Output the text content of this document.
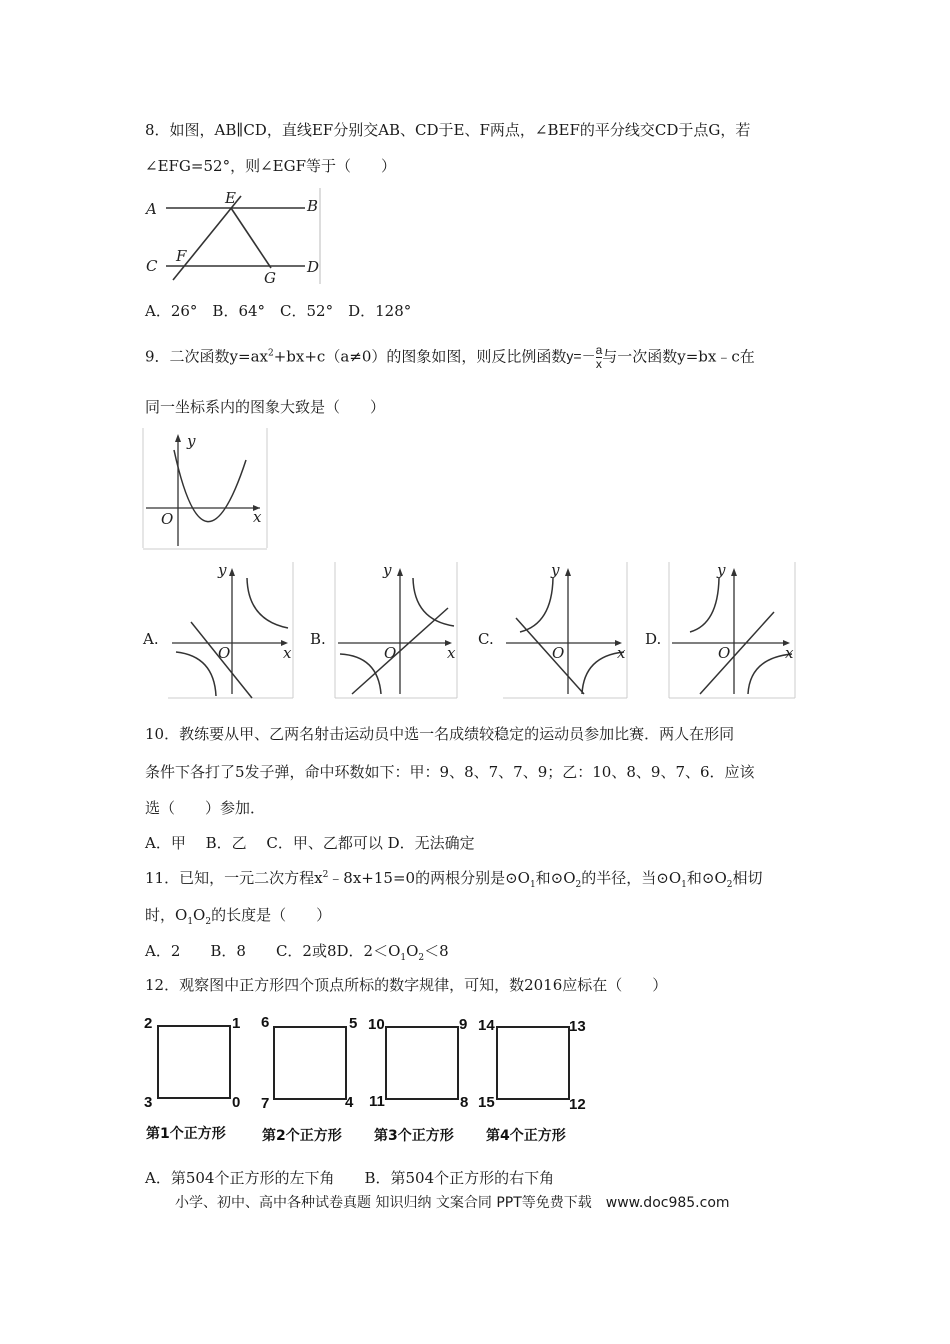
8．如图，AB∥CD，直线EF分别交AB、CD于E、F两点，∠BEF的平分线交CD于点G，若
∠EFG=52°，则∠EGF等于（　　）
A	B
C	D
E
F
G
A．26°　B．64°　C．52°　D．128°
9．二次函数$y=ax^2+bx+c(a\ne 0)$的图象如图，则反比例函数$y=- \frac{a}{x}$ 与一次函数y=bx﹣c在
同一坐标系内的图象大致是（　　）
y
x
O
A.
y
x
O
B.
y
x
O
C.
y
x
O
D.
y
x
O
10．教练要从甲、乙两名射击运动员中选一名成绩较稳定的运动员参加比赛．两人在形同
条件下各打了5发子弹，命中环数如下：甲：9、8、7、7、9；乙：10、8、9、7、6．应该
选（　　）参加．
A．甲　 B．乙　 C．甲、乙都可以 D．无法确定
11．已知，一元二次方程$x^2﹣8x+15=0$的两根分别是$⊙O_1$和$⊙O_2$的半径，当$⊙O_1$和$⊙O_2$相切
时，$O_1O_2$的长度是（　　）
A．2　　B．8　　C．2或8D．$2<O_1O_2<8$
12．观察图中正方形四个顶点所标的数字规律，可知，数2016应标在（　　）
2	1
3	0
第1个正方形
6	5
7	4
第2个正方形
10	9
11	8
第3个正方形
14	13
15	12
第4个正方形
A．第504个正方形的左下角　　B．第504个正方形的右下角
小学、初中、高中各种试卷真题 知识归纳 文案合同 PPT等免费下载　www.doc985.com
